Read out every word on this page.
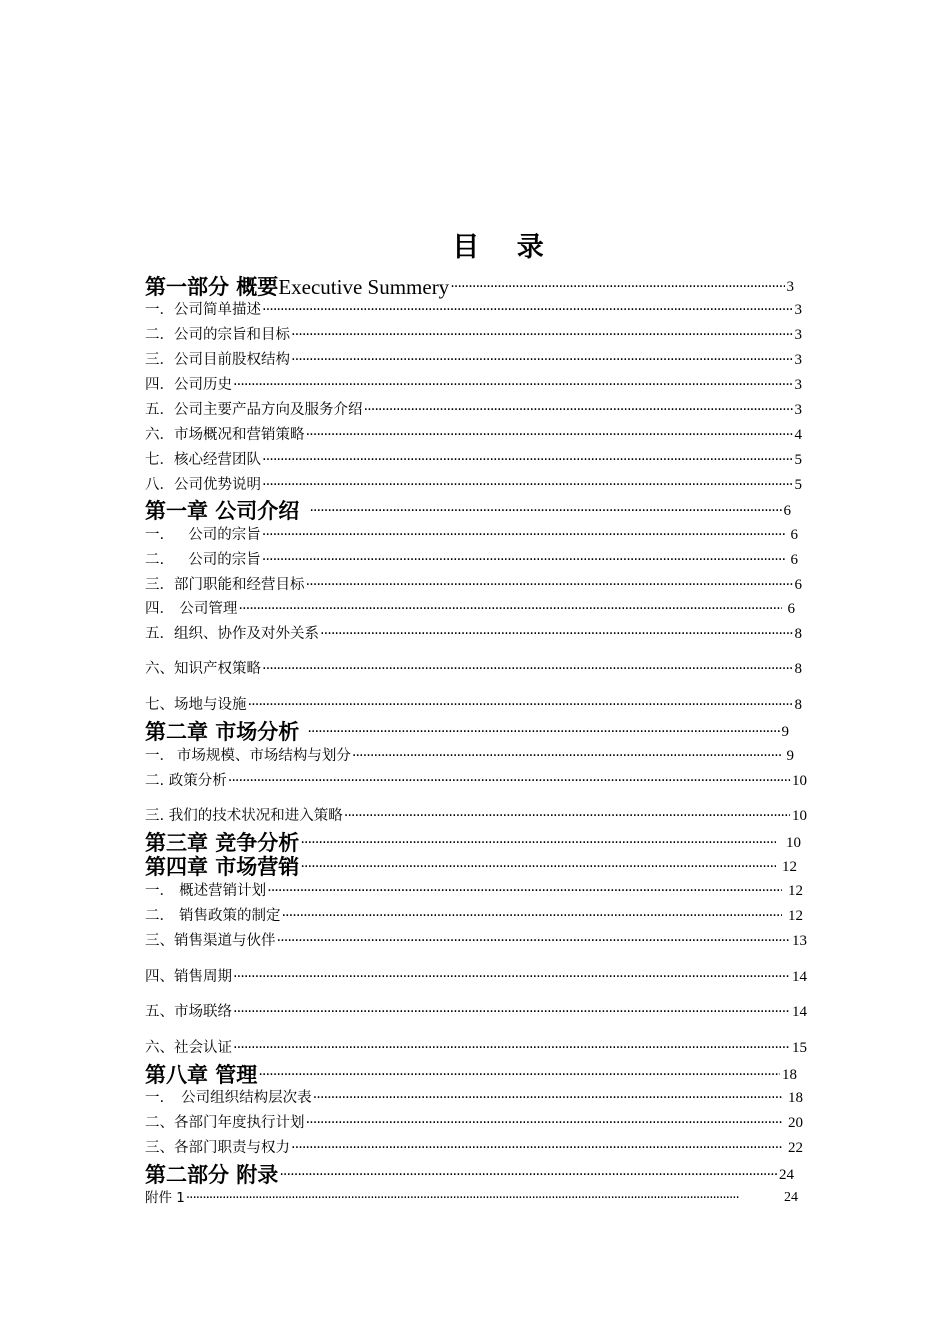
目 录
第一部分 概要 Executive Summery ·····	3
一．公司简单描述 ·····	3
二．公司的宗旨和目标 ·····	3
三．公司目前股权结构 ·····	3
四．公司历史 ·····	3
五．公司主要产品方向及服务介绍 ·····	3
六．市场概况和营销策略 ·····	4
七．核心经营团队 ·····	5
八．公司优势说明 ·····	5
第一章 公司介绍 ·····	6
一. 公司的宗旨 ·····	6
二. 公司的宗旨 ·····	6
三．部门职能和经营目标 ·····	6
四． 公司管理 ·····	6
五．组织、协作及对外关系 ·····	8
六、知识产权策略 ·····	8
七、场地与设施 ·····	8
第二章 市场分析 ·····	9
一． 市场规模、市场结构与划分 ·····	9
二. 政策分析 ·····	10
三. 我们的技术状况和进入策略 ·····	10
第三章 竞争分析 ·····	10
第四章 市场营销 ·····	12
一． 概述营销计划 ·····	12
二． 销售政策的制定 ·····	12
三、销售渠道与伙伴 ·····	13
四、销售周期 ·····	14
五、市场联络 ·····	14
六、社会认证 ·····	15
第八章 管理 ·····	18
一. 公司组织结构层次表 ·····	18
二、各部门年度执行计划 ·····	20
三、各部门职责与权力 ·····	22
第二部分 附录 ·····	24
附件 1 ·····	24
